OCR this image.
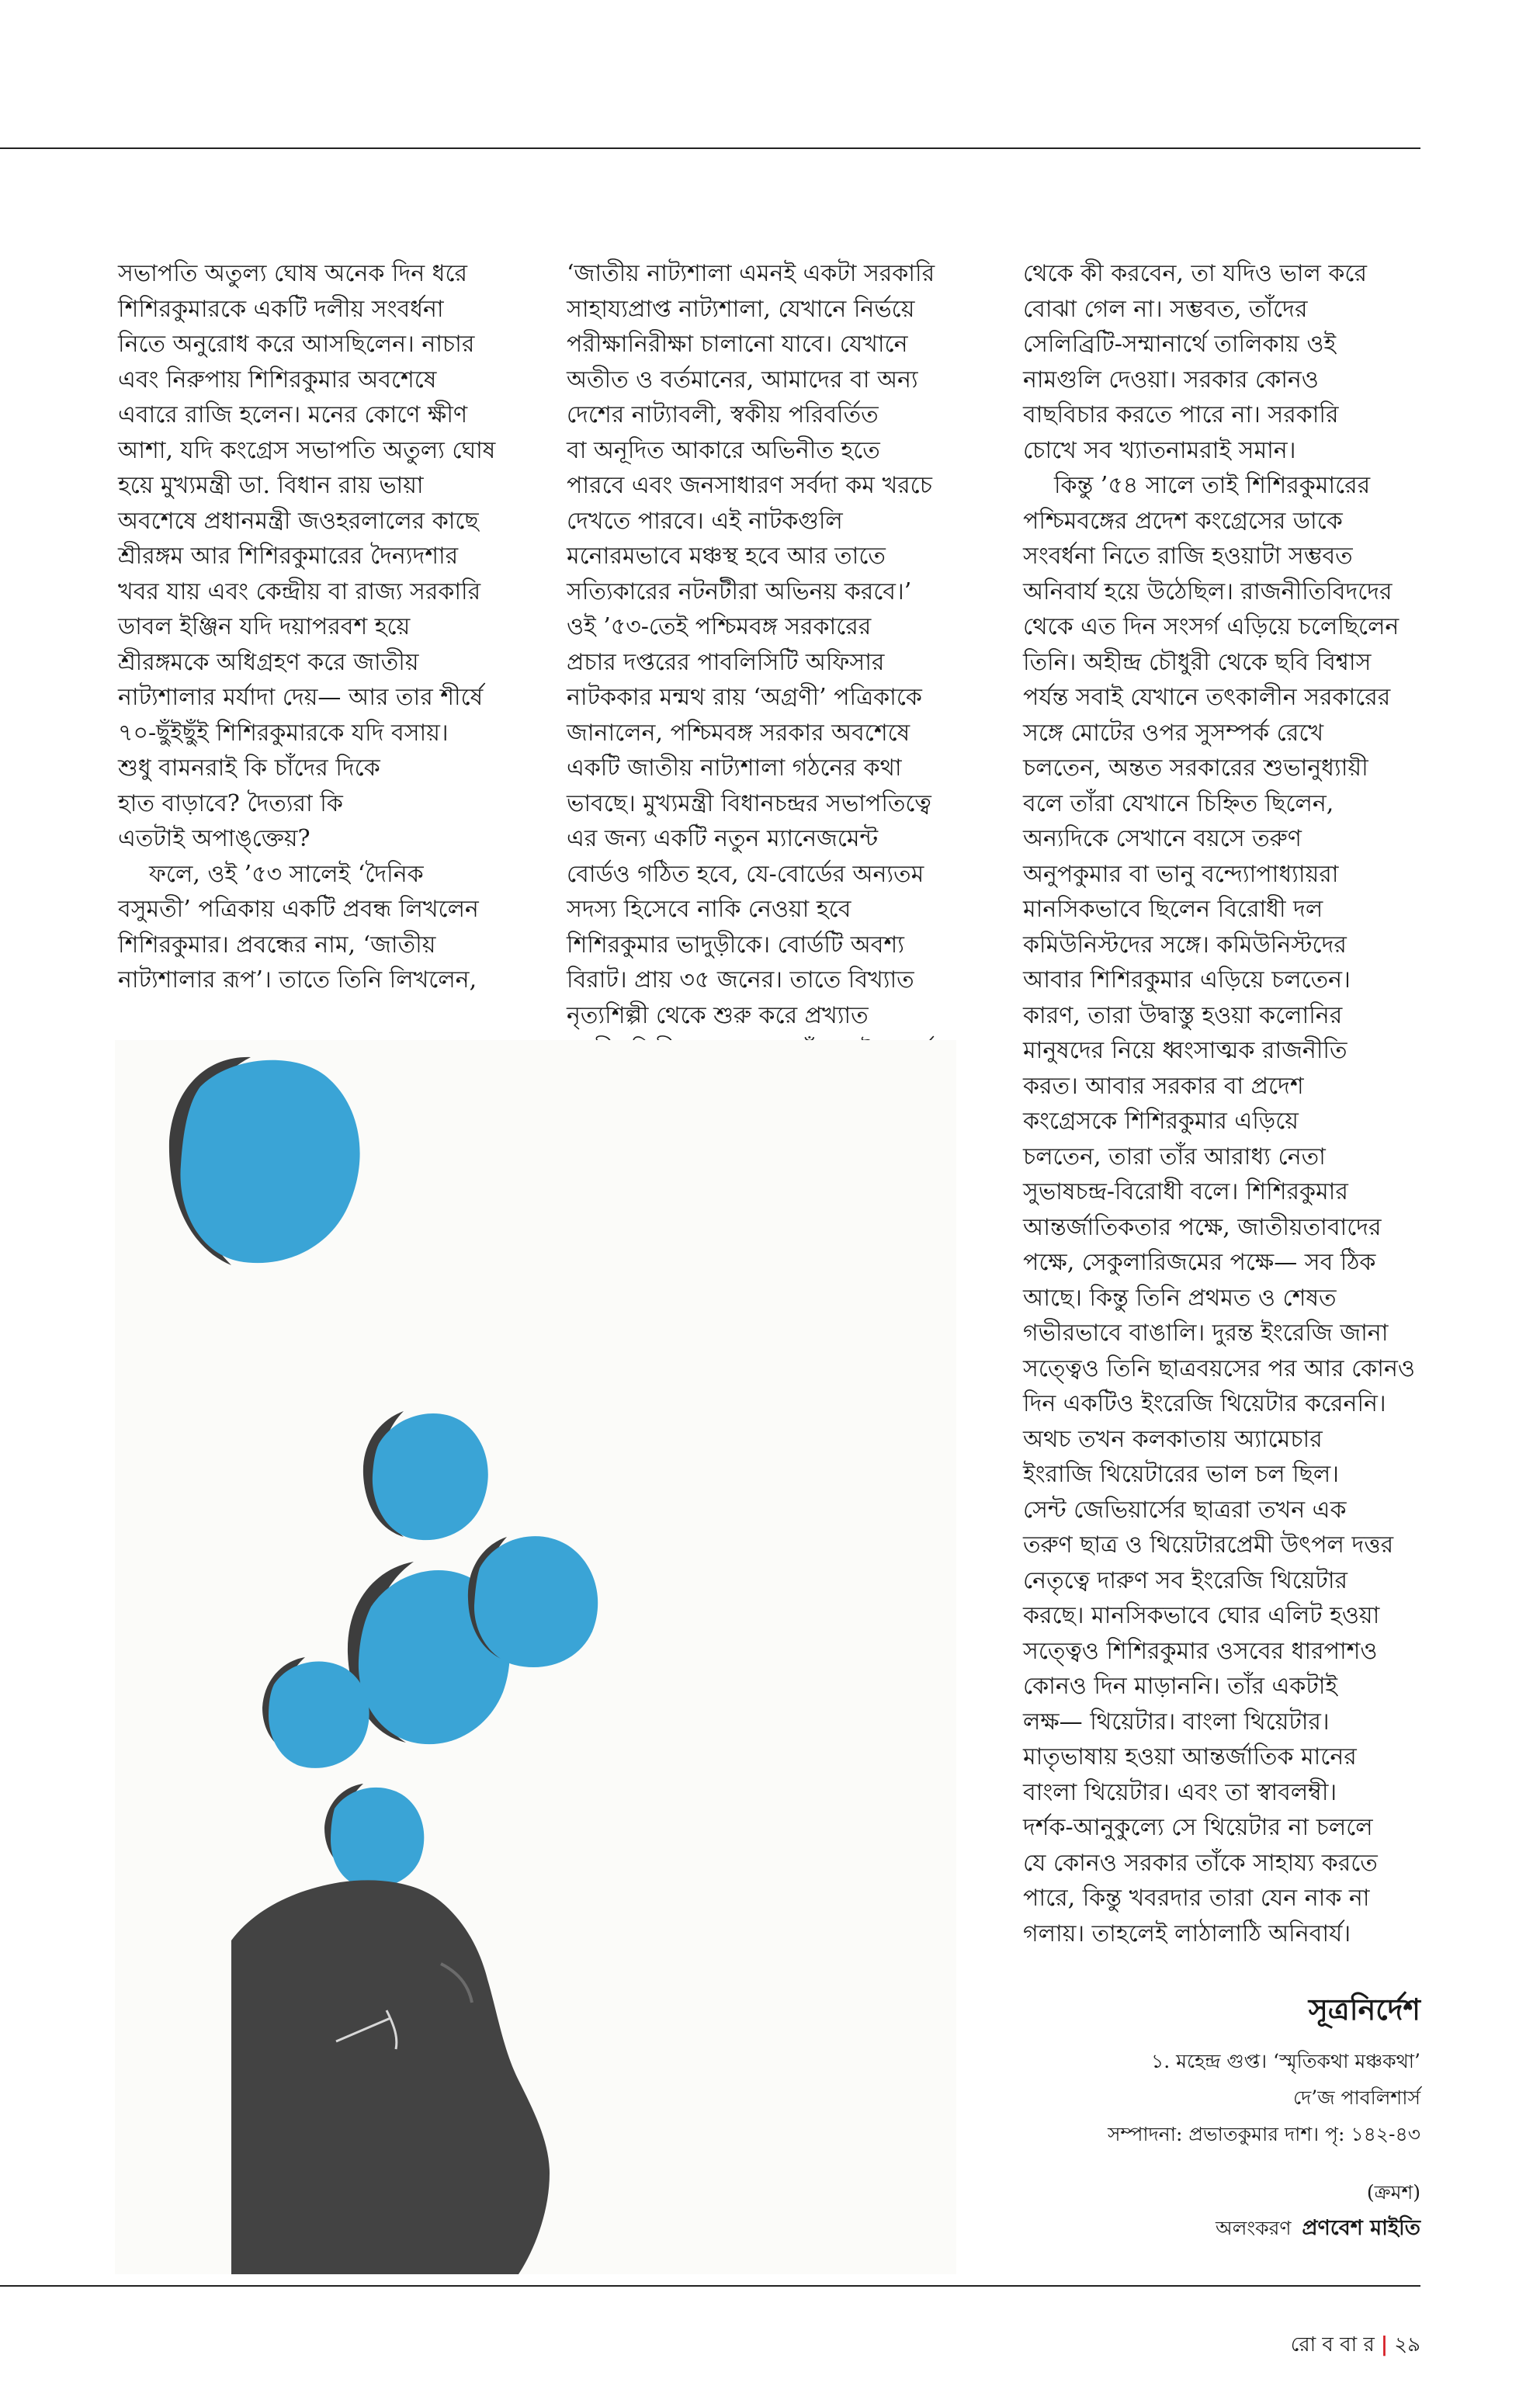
সভাপতি অতুল্য ঘোষ অনেক দিন ধরে
শিশিরকুমারকে একটি দলীয় সংবর্ধনা
নিতে অনুরোধ করে আসছিলেন। নাচার
এবং নিরুপায় শিশিরকুমার অবশেষে
এবারে রাজি হলেন। মনের কোণে ক্ষীণ
আশা, যদি কংগ্রেস সভাপতি অতুল্য ঘোষ
হয়ে মুখ্যমন্ত্রী ডা. বিধান রায় ভায়া
অবশেষে প্রধানমন্ত্রী জওহরলালের কাছে
শ্রীরঙ্গম আর শিশিরকুমারের দৈন্যদশার
খবর যায় এবং কেন্দ্রীয় বা রাজ্য সরকারি
ডাবল ইঞ্জিন যদি দয়াপরবশ হয়ে
শ্রীরঙ্গমকে অধিগ্রহণ করে জাতীয়
নাট্যশালার মর্যাদা দেয়— আর তার শীর্ষে
৭০-ছুঁইছুঁই শিশিরকুমারকে যদি বসায়।
শুধু বামনরাই কি চাঁদের দিকে
হাত বাড়াবে? দৈত্যরা কি
এতটাই অপাঙ্‌ক্তেয়?
ফলে, ওই ’৫৩ সালেই ‘দৈনিক
বসুমতী’ পত্রিকায় একটি প্রবন্ধ লিখলেন
শিশিরকুমার। প্রবন্ধের নাম, ‘জাতীয়
নাট্যশালার রূপ’। তাতে তিনি লিখলেন,
‘জাতীয় নাট্যশালা এমনই একটা সরকারি
সাহায্যপ্রাপ্ত নাট্যশালা, যেখানে নির্ভয়ে
পরীক্ষানিরীক্ষা চালানো যাবে। যেখানে
অতীত ও বর্তমানের, আমাদের বা অন্য
দেশের নাট্যাবলী, স্বকীয় পরিবর্তিত
বা অনূদিত আকারে অভিনীত হতে
পারবে এবং জনসাধারণ সর্বদা কম খরচে
দেখতে পারবে। এই নাটকগুলি
মনোরমভাবে মঞ্চস্থ হবে আর তাতে
সত্যিকারের নটনটীরা অভিনয় করবে।’
ওই ’৫৩-তেই পশ্চিমবঙ্গ সরকারের
প্রচার দপ্তরের পাবলিসিটি অফিসার
নাটককার মন্মথ রায় ‘অগ্রণী’ পত্রিকাকে
জানালেন, পশ্চিমবঙ্গ সরকার অবশেষে
একটি জাতীয় নাট্যশালা গঠনের কথা
ভাবছে। মুখ্যমন্ত্রী বিধানচন্দ্রর সভাপতিত্বে
এর জন্য একটি নতুন ম্যানেজমেন্ট
বোর্ডও গঠিত হবে, যে-বোর্ডের অন্যতম
সদস্য হিসেবে নাকি নেওয়া হবে
শিশিরকুমার ভাদুড়ীকে। বোর্ডটি অবশ্য
বিরাট। প্রায় ৩৫ জনের। তাতে বিখ্যাত
নৃত্যশিল্পী থেকে শুরু করে প্রখ্যাত
থেকে কী করবেন, তা যদিও ভাল করে
বোঝা গেল না। সম্ভবত, তাঁদের
সেলিব্রিটি-সম্মানার্থে তালিকায় ওই
নামগুলি দেওয়া। সরকার কোনও
বাছবিচার করতে পারে না। সরকারি
চোখে সব খ্যাতনামরাই সমান।
কিন্তু ’৫৪ সালে তাই শিশিরকুমারের
পশ্চিমবঙ্গের প্রদেশ কংগ্রেসের ডাকে
সংবর্ধনা নিতে রাজি হওয়াটা সম্ভবত
অনিবার্য হয়ে উঠেছিল। রাজনীতিবিদদের
থেকে এত দিন সংসর্গ এড়িয়ে চলেছিলেন
তিনি। অহীন্দ্র চৌধুরী থেকে ছবি বিশ্বাস
পর্যন্ত সবাই যেখানে তৎকালীন সরকারের
সঙ্গে মোটের ওপর সুসম্পর্ক রেখে
চলতেন, অন্তত সরকারের শুভানুধ্যায়ী
বলে তাঁরা যেখানে চিহ্নিত ছিলেন,
অন্যদিকে সেখানে বয়সে তরুণ
অনুপকুমার বা ভানু বন্দ্যোপাধ্যায়রা
মানসিকভাবে ছিলেন বিরোধী দল
কমিউনিস্টদের সঙ্গে। কমিউনিস্টদের
আবার শিশিরকুমার এড়িয়ে চলতেন।
কারণ, তারা উদ্বাস্তু হওয়া কলোনির
মানুষদের নিয়ে ধ্বংসাত্মক রাজনীতি
করত। আবার সরকার বা প্রদেশ
কংগ্রেসকে শিশিরকুমার এড়িয়ে
চলতেন, তারা তাঁর আরাধ্য নেতা
সুভাষচন্দ্র-বিরোধী বলে। শিশিরকুমার
আন্তর্জাতিকতার পক্ষে, জাতীয়তাবাদের
পক্ষে, সেকুলারিজমের পক্ষে— সব ঠিক
আছে। কিন্তু তিনি প্রথমত ও শেষত
গভীরভাবে বাঙালি। দুরন্ত ইংরেজি জানা
সত্ত্বেও তিনি ছাত্রবয়সের পর আর কোনও
দিন একটিও ইংরেজি থিয়েটার করেননি।
অথচ তখন কলকাতায় অ্যামেচার
ইংরাজি থিয়েটারের ভাল চল ছিল।
সেন্ট জেভিয়ার্সের ছাত্ররা তখন এক
তরুণ ছাত্র ও থিয়েটারপ্রেমী উৎপল দত্তর
নেতৃত্বে দারুণ সব ইংরেজি থিয়েটার
করছে। মানসিকভাবে ঘোর এলিট হওয়া
সত্ত্বেও শিশিরকুমার ওসবের ধারপাশও
কোনও দিন মাড়াননি। তাঁর একটাই
লক্ষ— থিয়েটার। বাংলা থিয়েটার।
মাতৃভাষায় হওয়া আন্তর্জাতিক মানের
বাংলা থিয়েটার। এবং তা স্বাবলম্বী।
দর্শক-আনুকুল্যে সে থিয়েটার না চললে
যে কোনও সরকার তাঁকে সাহায্য করতে
পারে, কিন্তু খবরদার তারা যেন নাক না
গলায়। তাহলেই লাঠালাঠি অনিবার্য।
সূত্রনির্দেশ
১. মহেন্দ্র গুপ্ত। ‘স্মৃতিকথা মঞ্চকথা’
দে’জ পাবলিশার্স
সম্পাদনা: প্রভাতকুমার দাশ। পৃ: ১৪২-৪৩
(ক্রমশ)
অলংকরণ প্রণবেশ মাইতি
রো ব বা র | ২৯
